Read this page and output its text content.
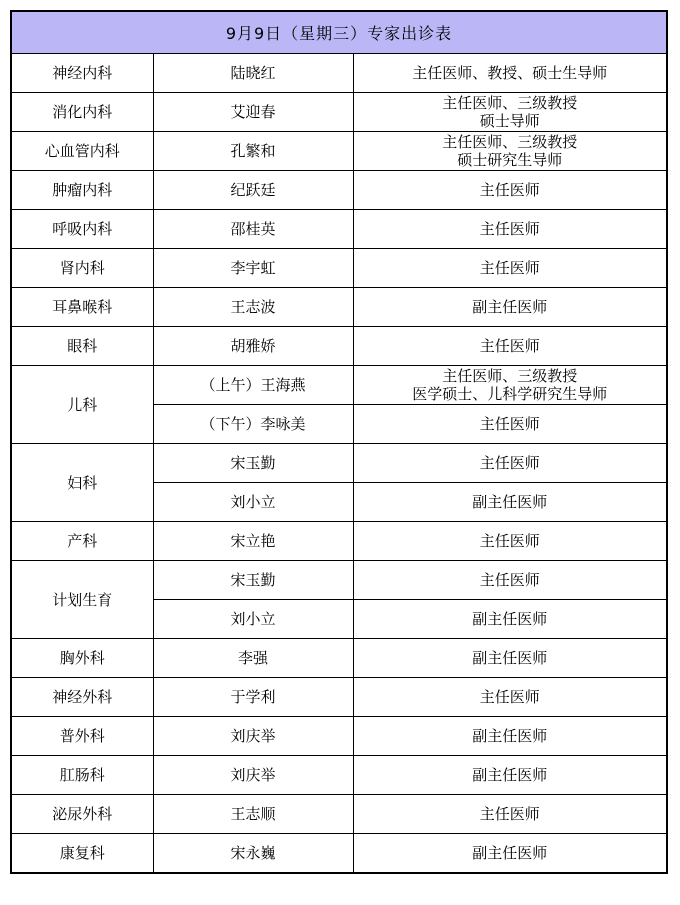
9月9日（星期三）专家出诊表		
神经内科	陆晓红	主任医师、教授、硕士生导师

消化内科	艾迎春	主任医师、三级教授
硕士导师

心血管内科	孔繁和	主任医师、三级教授
硕士研究生导师

肿瘤内科	纪跃廷	主任医师

呼吸内科	邵桂英	主任医师

肾内科	李宇虹	主任医师

耳鼻喉科	王志波	副主任医师

眼科	胡雅娇	主任医师

儿科	（上午）王海燕	主任医师、三级教授
医学硕士、儿科学研究生导师

	（下午）李咏美	主任医师

妇科	宋玉勤	主任医师

	刘小立	副主任医师

产科	宋立艳	主任医师

计划生育	宋玉勤	主任医师

	刘小立	副主任医师

胸外科	李强	副主任医师

神经外科	于学利	主任医师

普外科	刘庆举	副主任医师

肛肠科	刘庆举	副主任医师

泌尿外科	王志顺	主任医师

康复科	宋永巍	副主任医师
